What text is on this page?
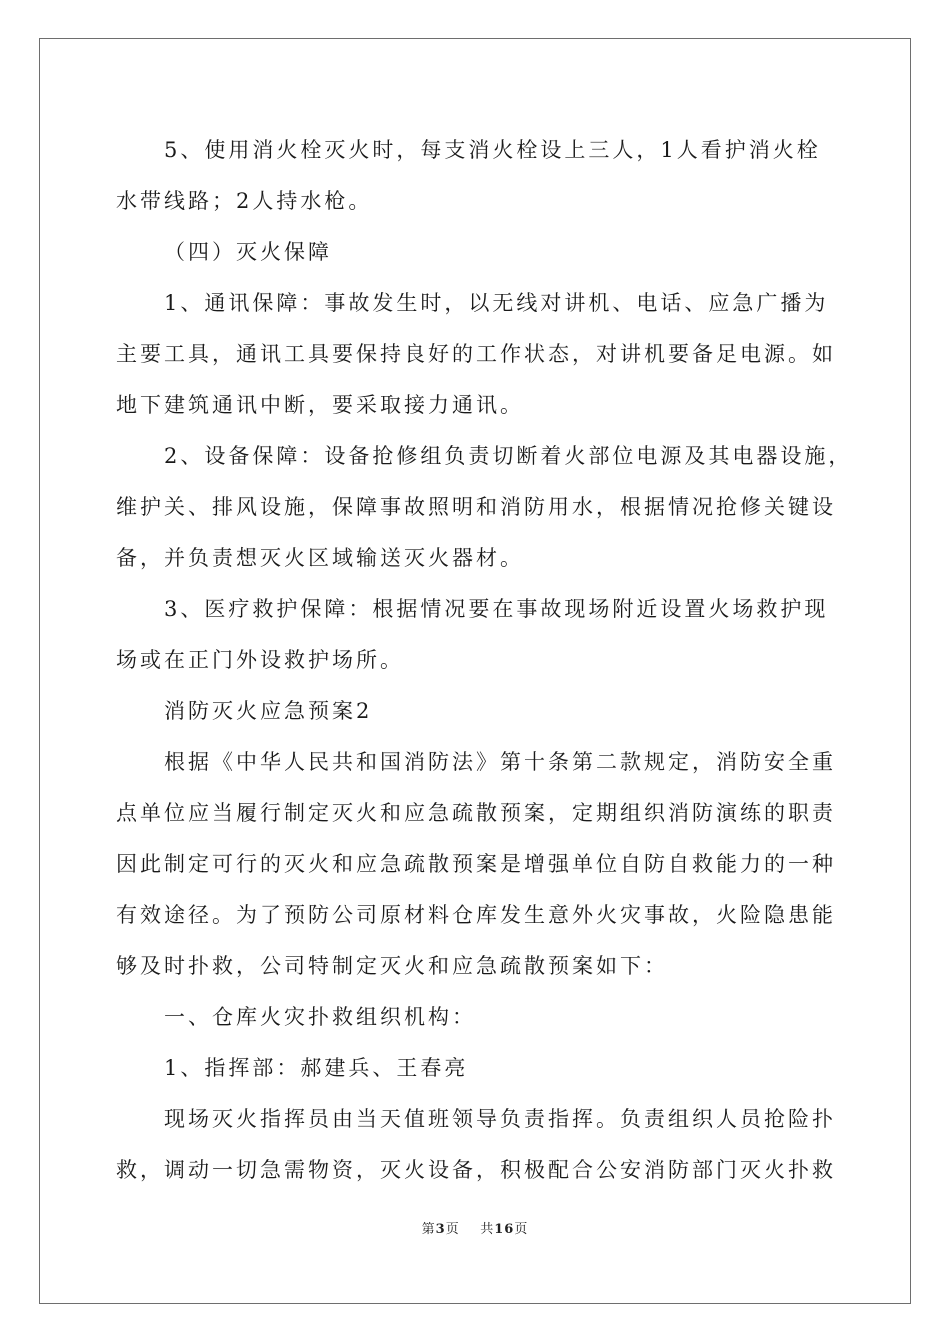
5、使用消火栓灭火时，每支消火栓设上三人，1人看护消火栓
水带线路；2人持水枪。
（四）灭火保障
1、通讯保障：事故发生时，以无线对讲机、电话、应急广播为
主要工具，通讯工具要保持良好的工作状态，对讲机要备足电源。如
地下建筑通讯中断，要采取接力通讯。
2、设备保障：设备抢修组负责切断着火部位电源及其电器设施，
维护关、排风设施，保障事故照明和消防用水，根据情况抢修关键设
备，并负责想灭火区域输送灭火器材。
3、医疗救护保障：根据情况要在事故现场附近设置火场救护现
场或在正门外设救护场所。
消防灭火应急预案2
根据《中华人民共和国消防法》第十条第二款规定，消防安全重
点单位应当履行制定灭火和应急疏散预案，定期组织消防演练的职责
因此制定可行的灭火和应急疏散预案是增强单位自防自救能力的一种
有效途径。为了预防公司原材料仓库发生意外火灾事故，火险隐患能
够及时扑救，公司特制定灭火和应急疏散预案如下：
一、仓库火灾扑救组织机构：
1、指挥部：郝建兵、王春亮
现场灭火指挥员由当天值班领导负责指挥。负责组织人员抢险扑
救，调动一切急需物资，灭火设备，积极配合公安消防部门灭火扑救
第3页 共16页
